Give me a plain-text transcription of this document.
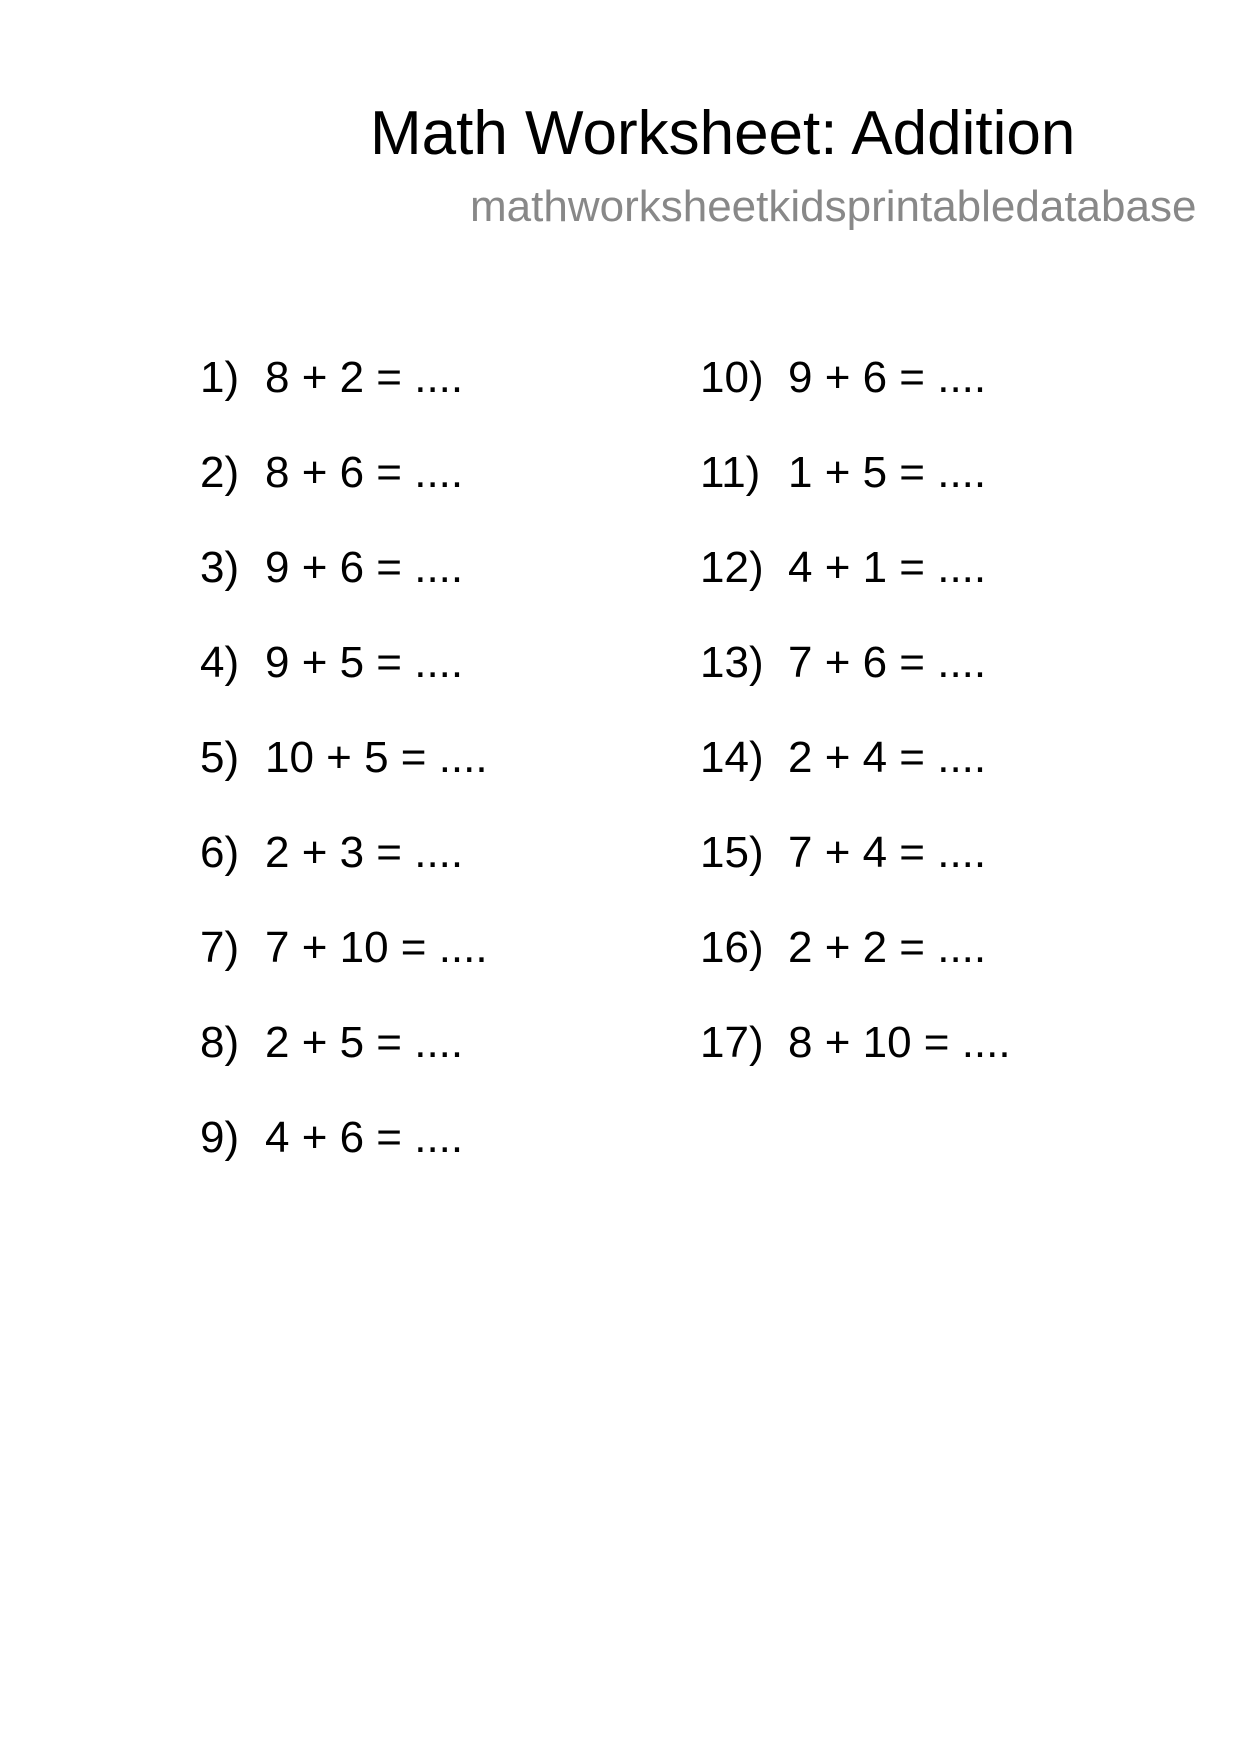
Math Worksheet: Addition
mathworksheetkidsprintabledatabase
1) 8 + 2 = ....
2) 8 + 6 = ....
3) 9 + 6 = ....
4) 9 + 5 = ....
5) 10 + 5 = ....
6) 2 + 3 = ....
7) 7 + 10 = ....
8) 2 + 5 = ....
9) 4 + 6 = ....
10) 9 + 6 = ....
11) 1 + 5 = ....
12) 4 + 1 = ....
13) 7 + 6 = ....
14) 2 + 4 = ....
15) 7 + 4 = ....
16) 2 + 2 = ....
17) 8 + 10 = ....
